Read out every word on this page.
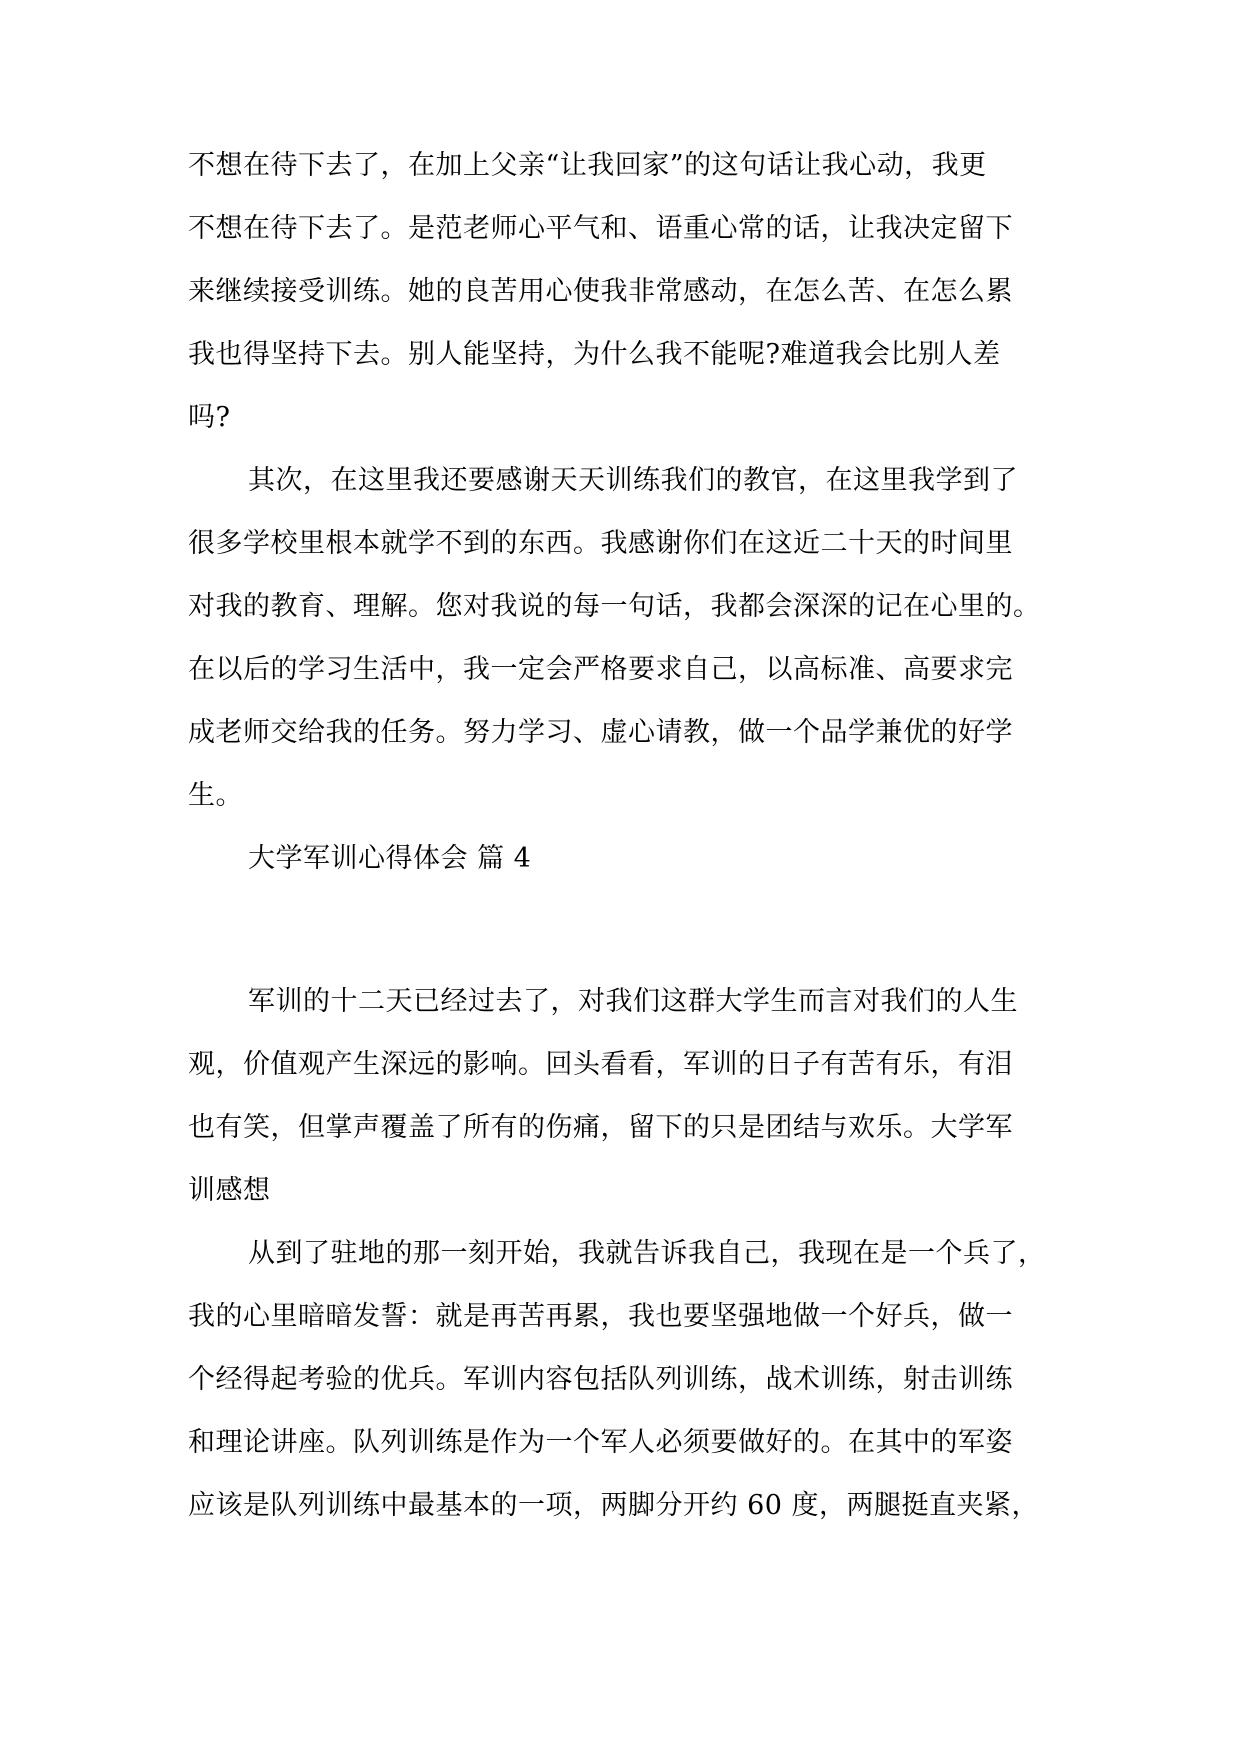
不想在待下去了，在加上父亲“让我回家”的这句话让我心动，我更
不想在待下去了。是范老师心平气和、语重心常的话，让我决定留下
来继续接受训练。她的良苦用心使我非常感动，在怎么苦、在怎么累
我也得坚持下去。别人能坚持，为什么我不能呢?难道我会比别人差
吗?
其次，在这里我还要感谢天天训练我们的教官，在这里我学到了
很多学校里根本就学不到的东西。我感谢你们在这近二十天的时间里
对我的教育、理解。您对我说的每一句话，我都会深深的记在心里的。
在以后的学习生活中，我一定会严格要求自己，以高标准、高要求完
成老师交给我的任务。努力学习、虚心请教，做一个品学兼优的好学
生。
大学军训心得体会 篇 4
军训的十二天已经过去了，对我们这群大学生而言对我们的人生
观，价值观产生深远的影响。回头看看，军训的日子有苦有乐，有泪
也有笑，但掌声覆盖了所有的伤痛，留下的只是团结与欢乐。大学军
训感想
从到了驻地的那一刻开始，我就告诉我自己，我现在是一个兵了，
我的心里暗暗发誓：就是再苦再累，我也要坚强地做一个好兵，做一
个经得起考验的优兵。军训内容包括队列训练，战术训练，射击训练
和理论讲座。队列训练是作为一个军人必须要做好的。在其中的军姿
应该是队列训练中最基本的一项，两脚分开约 60 度，两腿挺直夹紧，
